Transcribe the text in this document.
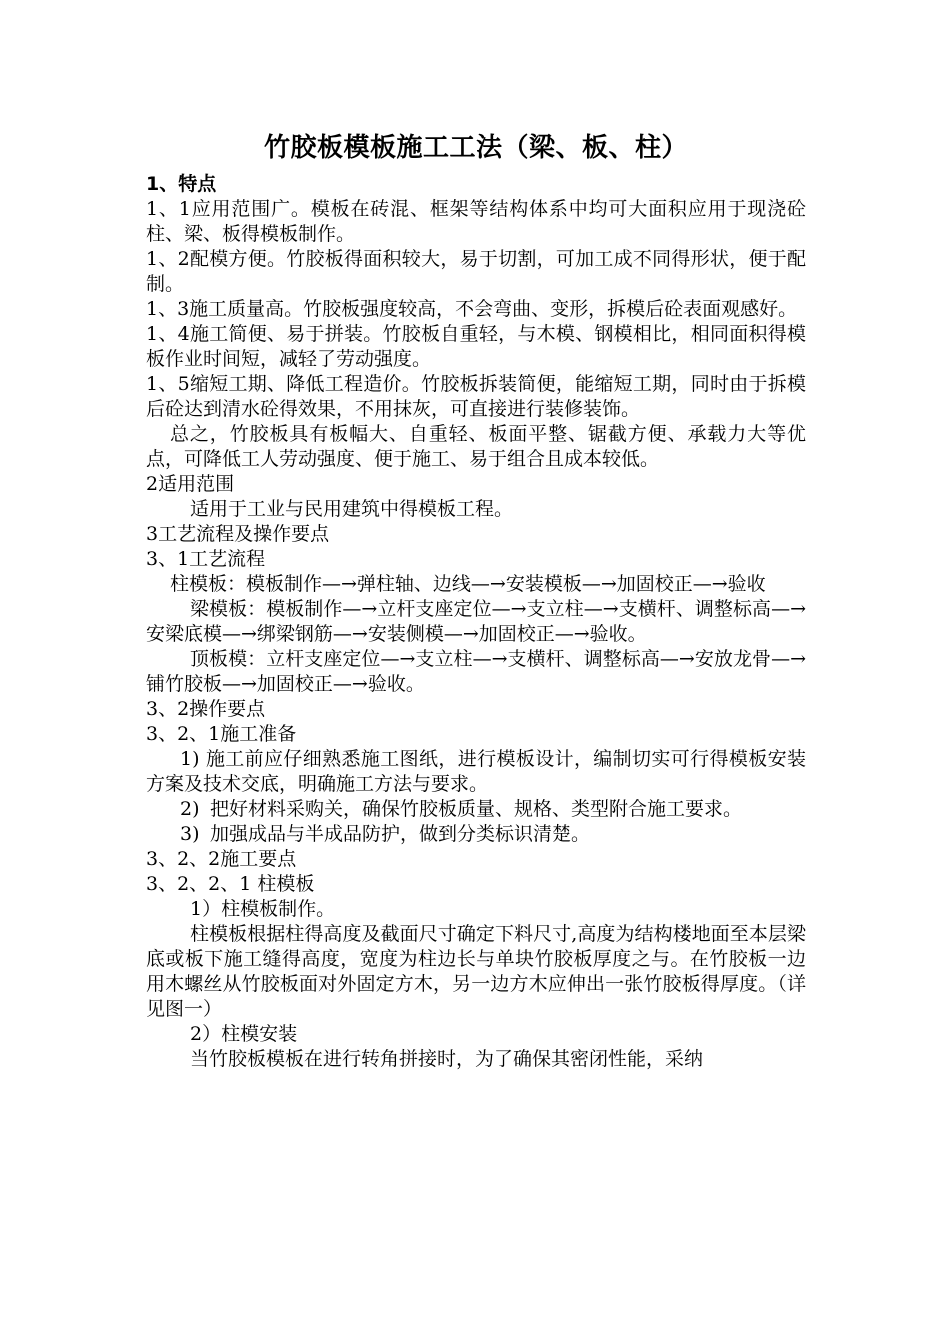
竹胶板模板施工工法（梁、板、柱）

1、特点

1、1应用范围广。模板在砖混、框架等结构体系中均可大面积应用于现浇砼柱、梁、板得模板制作。

1、2配模方便。竹胶板得面积较大，易于切割，可加工成不同得形状，便于配制。

1、3施工质量高。竹胶板强度较高，不会弯曲、变形，拆模后砼表面观感好。

1、4施工简便、易于拼装。竹胶板自重轻，与木模、钢模相比，相同面积得模板作业时间短，减轻了劳动强度。

1、5缩短工期、降低工程造价。竹胶板拆装简便，能缩短工期，同时由于拆模后砼达到清水砼得效果，不用抹灰，可直接进行装修装饰。

总之，竹胶板具有板幅大、自重轻、板面平整、锯截方便、承载力大等优点，可降低工人劳动强度、便于施工、易于组合且成本较低。

2适用范围

适用于工业与民用建筑中得模板工程。

3工艺流程及操作要点

3、1工艺流程

柱模板：模板制作—→弹柱轴、边线—→安装模板—→加固校正—→验收

梁模板：模板制作—→立杆支座定位—→支立柱—→支横杆、调整标高—→安梁底模—→绑梁钢筋—→安装侧模—→加固校正—→验收。

顶板模：立杆支座定位—→支立柱—→支横杆、调整标高—→安放龙骨—→铺竹胶板—→加固校正—→验收。

3、2操作要点

3、2、1施工准备

1) 施工前应仔细熟悉施工图纸，进行模板设计，编制切实可行得模板安装方案及技术交底，明确施工方法与要求。

2) 把好材料采购关，确保竹胶板质量、规格、类型附合施工要求。
3) 加强成品与半成品防护，做到分类标识清楚。

3、2、2施工要点

3、2、2、1 柱模板

1）柱模板制作。

柱模板根据柱得高度及截面尺寸确定下料尺寸,高度为结构楼地面至本层梁底或板下施工缝得高度，宽度为柱边长与单块竹胶板厚度之与。在竹胶板一边用木螺丝从竹胶板面对外固定方木，另一边方木应伸出一张竹胶板得厚度。（详见图一）

2）柱模安装

当竹胶板模板在进行转角拼接时，为了确保其密闭性能，采纳
